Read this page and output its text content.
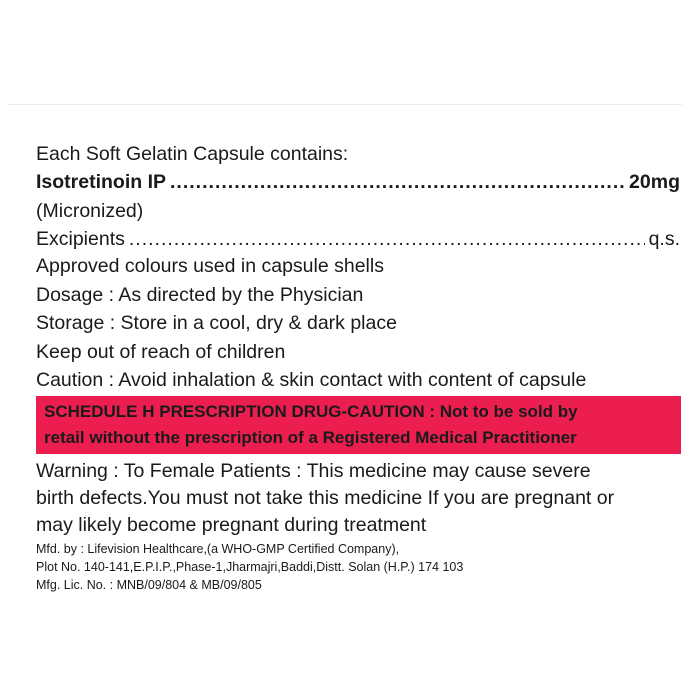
Each Soft Gelatin Capsule contains:
Isotretinoin IP .....	20mg
(Micronized)
Excipients .....	q.s.
Approved colours used in capsule shells
Dosage : As directed by the Physician
Storage : Store in a cool, dry & dark place
Keep out of reach of children
Caution : Avoid inhalation & skin contact with content of capsule
SCHEDULE H PRESCRIPTION DRUG-CAUTION : Not to be sold by
retail without the prescription of a Registered Medical Practitioner
Warning : To Female Patients : This medicine may cause severe
birth defects.You must not take this medicine If you are pregnant or
may likely become pregnant during treatment
Mfd. by : Lifevision Healthcare,(a WHO-GMP Certified Company),
Plot No. 140-141,E.P.I.P.,Phase-1,Jharmajri,Baddi,Distt. Solan (H.P.) 174 103
Mfg. Lic. No. : MNB/09/804 & MB/09/805
